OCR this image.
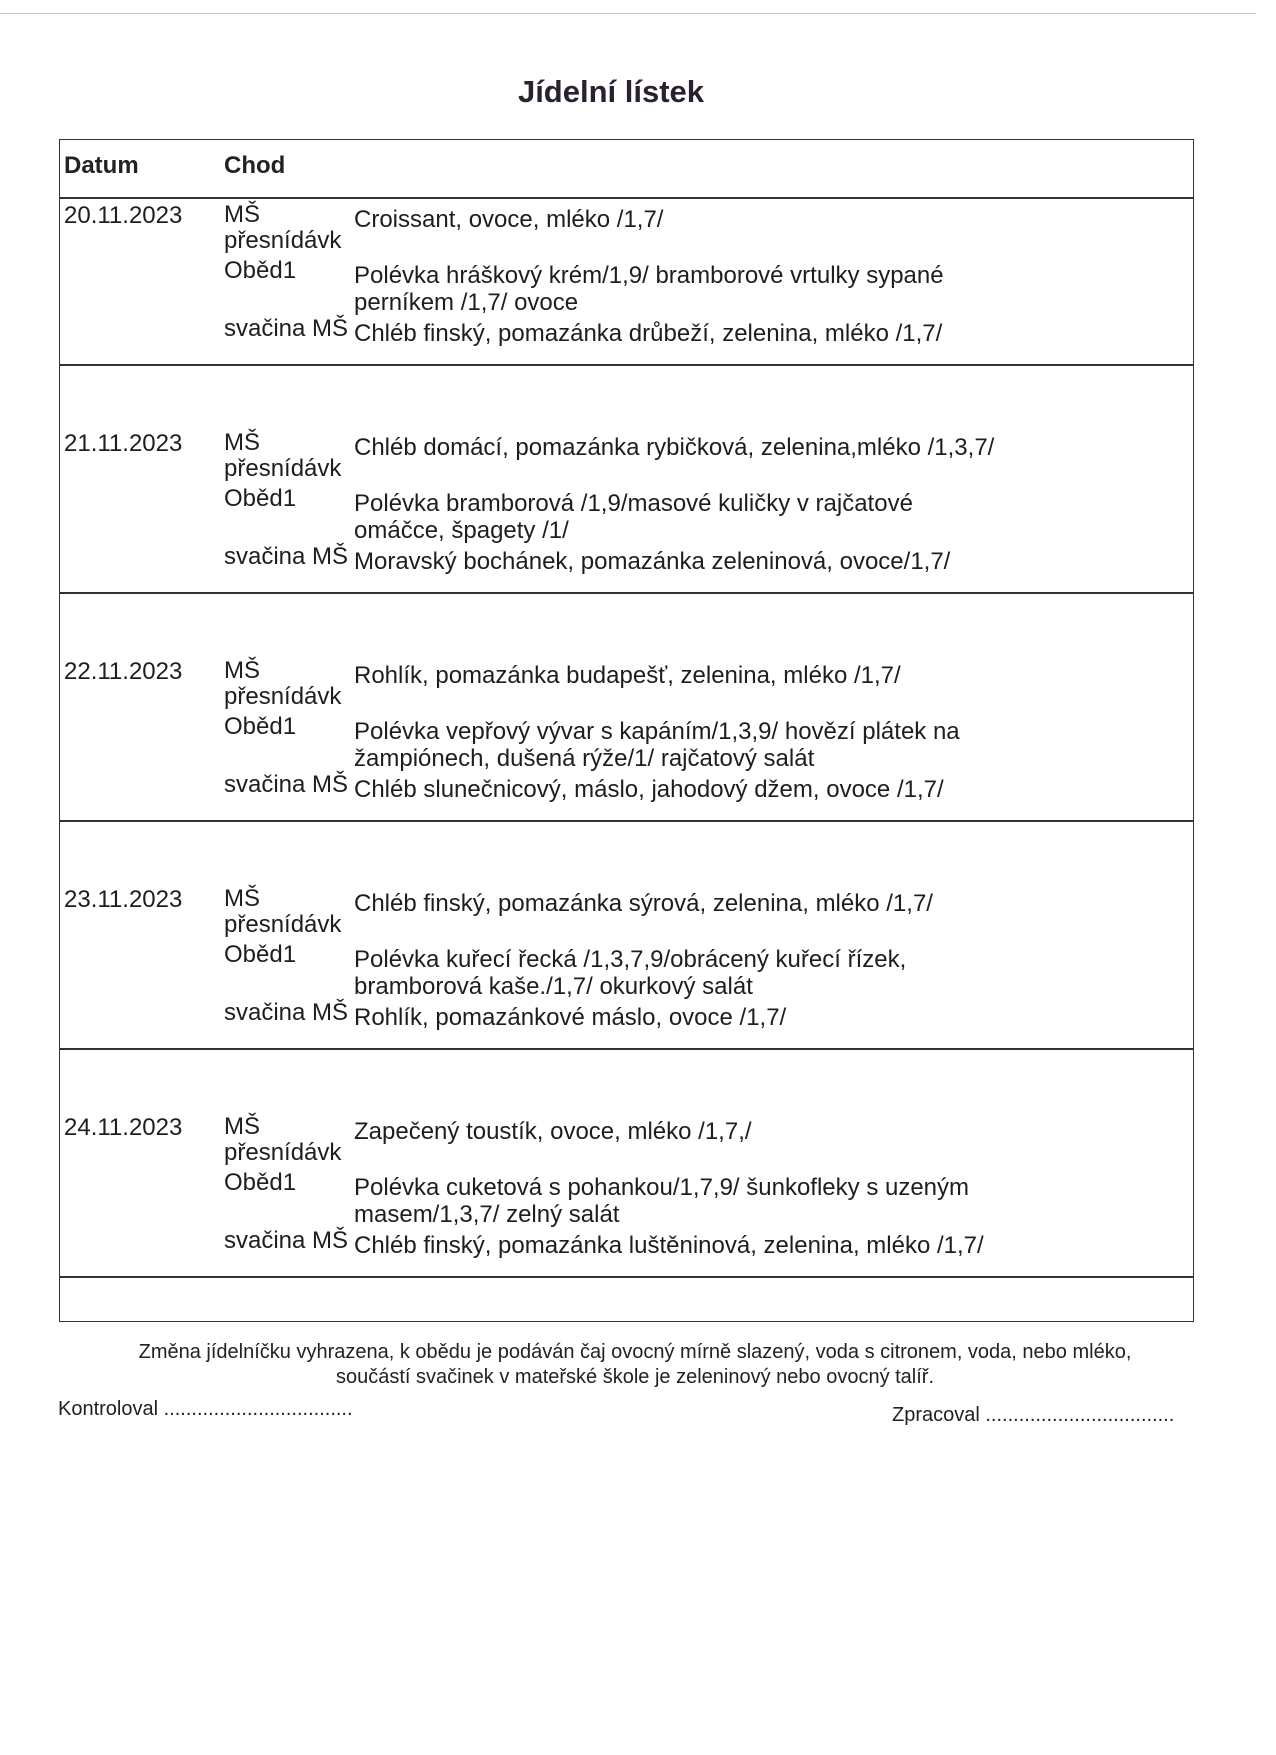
Jídelní lístek
Datum	Chod
20.11.2023 MŠ přesnídávk
Croissant, ovoce, mléko /1,7/
Oběd1 Polévka hráškový krém/1,9/ bramborové vrtulky sypané
perníkem /1,7/ ovoce
svačina MŠ Chléb finský, pomazánka drůbeží, zelenina, mléko /1,7/
21.11.2023 MŠ přesnídávk
Chléb domácí, pomazánka rybičková, zelenina,mléko /1,3,7/
Oběd1 Polévka bramborová /1,9/masové kuličky v rajčatové
omáčce, špagety /1/
svačina MŠ Moravský bochánek, pomazánka zeleninová, ovoce/1,7/
22.11.2023 MŠ přesnídávk
Rohlík, pomazánka budapešť, zelenina, mléko /1,7/
Oběd1 Polévka vepřový vývar s kapáním/1,3,9/ hovězí plátek na
žampiónech, dušená rýže/1/ rajčatový salát
svačina MŠ Chléb slunečnicový, máslo, jahodový džem, ovoce /1,7/
23.11.2023 MŠ přesnídávk
Chléb finský, pomazánka sýrová, zelenina, mléko /1,7/
Oběd1 Polévka kuřecí řecká /1,3,7,9/obrácený kuřecí řízek,
bramborová kaše./1,7/ okurkový salát
svačina MŠ Rohlík, pomazánkové máslo, ovoce /1,7/
24.11.2023 MŠ přesnídávk
Zapečený toustík, ovoce, mléko /1,7,/
Oběd1 Polévka cuketová s pohankou/1,7,9/ šunkofleky s uzeným
masem/1,3,7/ zelný salát
svačina MŠ Chléb finský, pomazánka luštěninová, zelenina, mléko /1,7/
Změna jídelníčku vyhrazena, k obědu je podáván čaj ovocný mírně slazený, voda s citronem, voda, nebo mléko,
součástí svačinek v mateřské škole je zeleninový nebo ovocný talíř.
Kontroloval ..................................	Zpracoval ..................................
